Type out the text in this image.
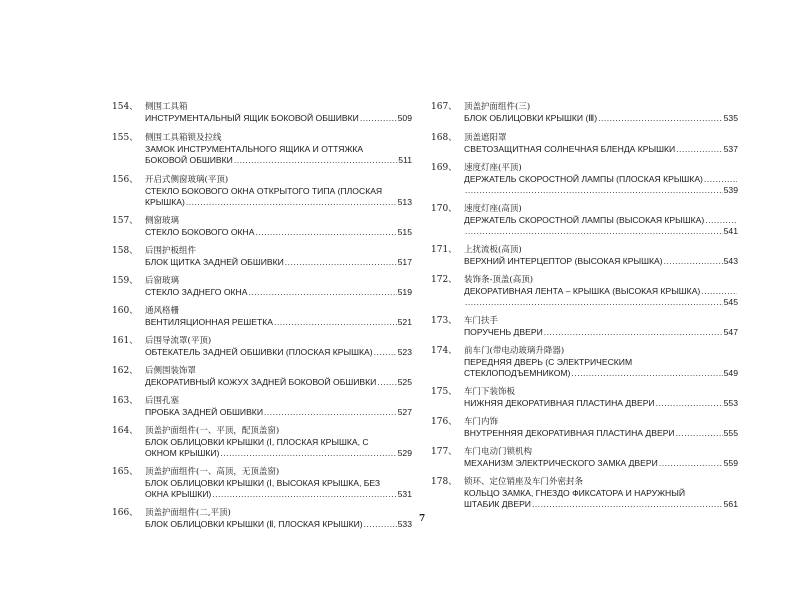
154、 侧围工具箱
ИНСТРУМЕНТАЛЬНЫЙ ЯЩИК БОКОВОЙ ОБШИВКИ .....	509
155、 侧围工具箱锁及拉线
ЗАМОК ИНСТРУМЕНТАЛЬНОГО ЯЩИКА И ОТТЯЖКА
БОКОВОЙ ОБШИВКИ .....	511
156、 开启式侧窗玻璃(平顶)
СТЕКЛО БОКОВОГО ОКНА ОТКРЫТОГО ТИПА (ПЛОСКАЯ
КРЫШКА) .....	513
157、 侧窗玻璃
СТЕКЛО БОКОВОГО ОКНА .....	515
158、 后围护板组件
БЛОК ЩИТКА ЗАДНЕЙ ОБШИВКИ .....	517
159、 后窗玻璃
СТЕКЛО ЗАДНЕГО ОКНА .....	519
160、 通风格栅
ВЕНТИЛЯЦИОННАЯ РЕШЕТКА .....	521
161、 后围导流罩(平顶)
ОБТЕКАТЕЛЬ ЗАДНЕЙ ОБШИВКИ (ПЛОСКАЯ КРЫШКА) .....	523
162、 后侧围装饰罩
ДЕКОРАТИВНЫЙ КОЖУХ ЗАДНЕЙ БОКОВОЙ ОБШИВКИ ..... 525
163、 后围孔塞
ПРОБКА ЗАДНЕЙ ОБШИВКИ .....	527
164、 顶盖护面组件(一、平顶，配顶盖窗)
БЛОК ОБЛИЦОВКИ КРЫШКИ (Ⅰ, ПЛОСКАЯ КРЫШКА, С
ОКНОМ КРЫШКИ) .....	529
165、 顶盖护面组件(一、高顶，无顶盖窗)
БЛОК ОБЛИЦОВКИ КРЫШКИ (Ⅰ, ВЫСОКАЯ КРЫШКА, БЕЗ
ОКНА КРЫШКИ) .....	531
166、 顶盖护面组件(二,平顶)
БЛОК ОБЛИЦОВКИ КРЫШКИ (Ⅱ, ПЛОСКАЯ КРЫШКИ) .....	533
167、 顶盖护面组件(三)
БЛОК ОБЛИЦОВКИ КРЫШКИ (Ⅲ) .....	535
168、 顶盖遮阳罩
СВЕТОЗАЩИТНАЯ СОЛНЕЧНАЯ БЛЕНДА КРЫШКИ .....	537
169、 速度灯座(平顶)
ДЕРЖАТЕЛЬ СКОРОСТНОЙ ЛАМПЫ (ПЛОСКАЯ КРЫШКА)
.....
.....
539
170、 速度灯座(高顶)
ДЕРЖАТЕЛЬ СКОРОСТНОЙ ЛАМПЫ (ВЫСОКАЯ КРЫШКА)
.....
.....
541
171、 上扰流板(高顶)
ВЕРХНИЙ ИНТЕРЦЕПТОР (ВЫСОКАЯ КРЫШКА) .....	543
172、 装饰条-顶盖(高顶)
ДЕКОРАТИВНАЯ ЛЕНТА – КРЫШКА (ВЫСОКАЯ КРЫШКА)
.....
.....
545
173、 车门扶手
ПОРУЧЕНЬ ДВЕРИ .....	547
174、 前车门(带电动玻璃升降器)
ПЕРЕДНЯЯ ДВЕРЬ (С ЭЛЕКТРИЧЕСКИМ
СТЕКЛОПОДЪЕМНИКОМ) .....	549
175、 车门下装饰板
НИЖНЯЯ ДЕКОРАТИВНАЯ ПЛАСТИНА ДВЕРИ .....	553
176、 车门内饰
ВНУТРЕННЯЯ ДЕКОРАТИВНАЯ ПЛАСТИНА ДВЕРИ .....	555
177、 车门电动门锁机构
МЕХАНИЗМ ЭЛЕКТРИЧЕСКОГО ЗАМКА ДВЕРИ .....	559
178、 锁环、定位销座及车门外密封条
КОЛЬЦО ЗАМКА, ГНЕЗДО ФИКСАТОРА И НАРУЖНЫЙ
ШТАБИК ДВЕРИ .....	561
7
